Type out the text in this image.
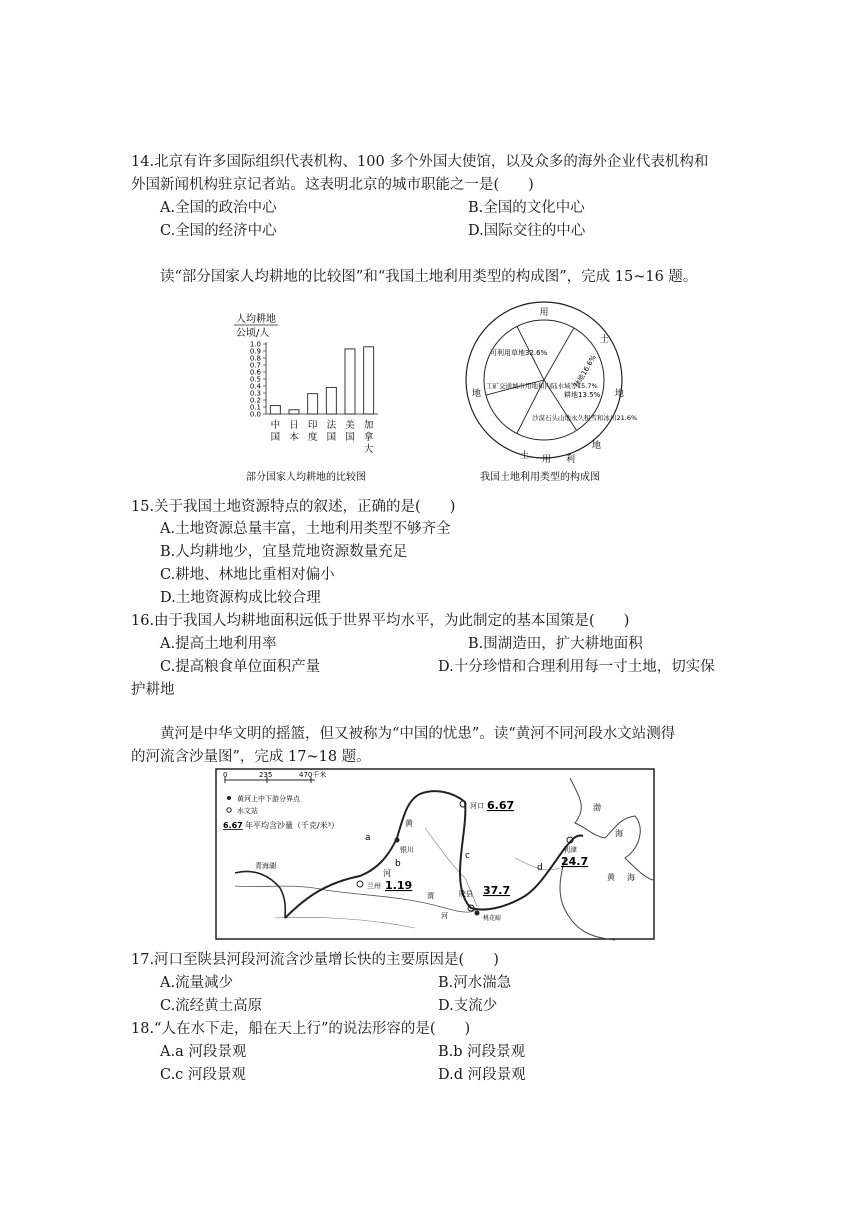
14.北京有许多国际组织代表机构、100 多个外国大使馆，以及众多的海外企业代表机构和
外国新闻机构驻京记者站。这表明北京的城市职能之一是(　　)
A.全国的政治中心	B.全国的文化中心
C.全国的经济中心	D.国际交往的中心
读“部分国家人均耕地的比较图”和“我国土地利用类型的构成图”，完成 15~16 题。
人均耕地
公顷/人
1.0
0.9
0.8
0.7
0.6
0.5
0.4
0.3
0.2
0.1
0.0
中
国
日
本
印
度
法
国
美
国
加
拿
大
部分国家人均耕地的比较图
用
土
地
地
利
用
土
地
可利用草地32.6%
林地16.6%
耕地13.5%
沙漠石头山地永久积雪和冰川21.6%
工矿交通城市用地和内陆水域等15.7%
我国土地利用类型的构成图
15.关于我国土地资源特点的叙述，正确的是(　　)
A.土地资源总量丰富，土地利用类型不够齐全
B.人均耕地少，宜垦荒地资源数量充足
C.耕地、林地比重相对偏小
D.土地资源构成比较合理
16.由于我国人均耕地面积远低于世界平均水平，为此制定的基本国策是(　　)
A.提高土地利用率	B.围湖造田，扩大耕地面积
C.提高粮食单位面积产量	D.十分珍惜和合理利用每一寸土地，切实保
护耕地
黄河是中华文明的摇篮，但又被称为“中国的忧患”。读“黄河不同河段水文站测得
的河流含沙量图”，完成 17~18 题。
0	235	470千米
黄河上中下游分界点
水文站
6.67 年平均含沙量（千克/米³）
河口 6.67
兰州 1.19
陕县 37.7
利津
24.7
a
b
c
d
黄
河
银川
青海湖
渤
海
黄 海
渭
河	桃花峪
17.河口至陕县河段河流含沙量增长快的主要原因是(　　)
A.流量减少	B.河水湍急
C.流经黄土高原	D.支流少
18.“人在水下走，船在天上行”的说法形容的是(　　)
A.a 河段景观	B.b 河段景观
C.c 河段景观	D.d 河段景观
